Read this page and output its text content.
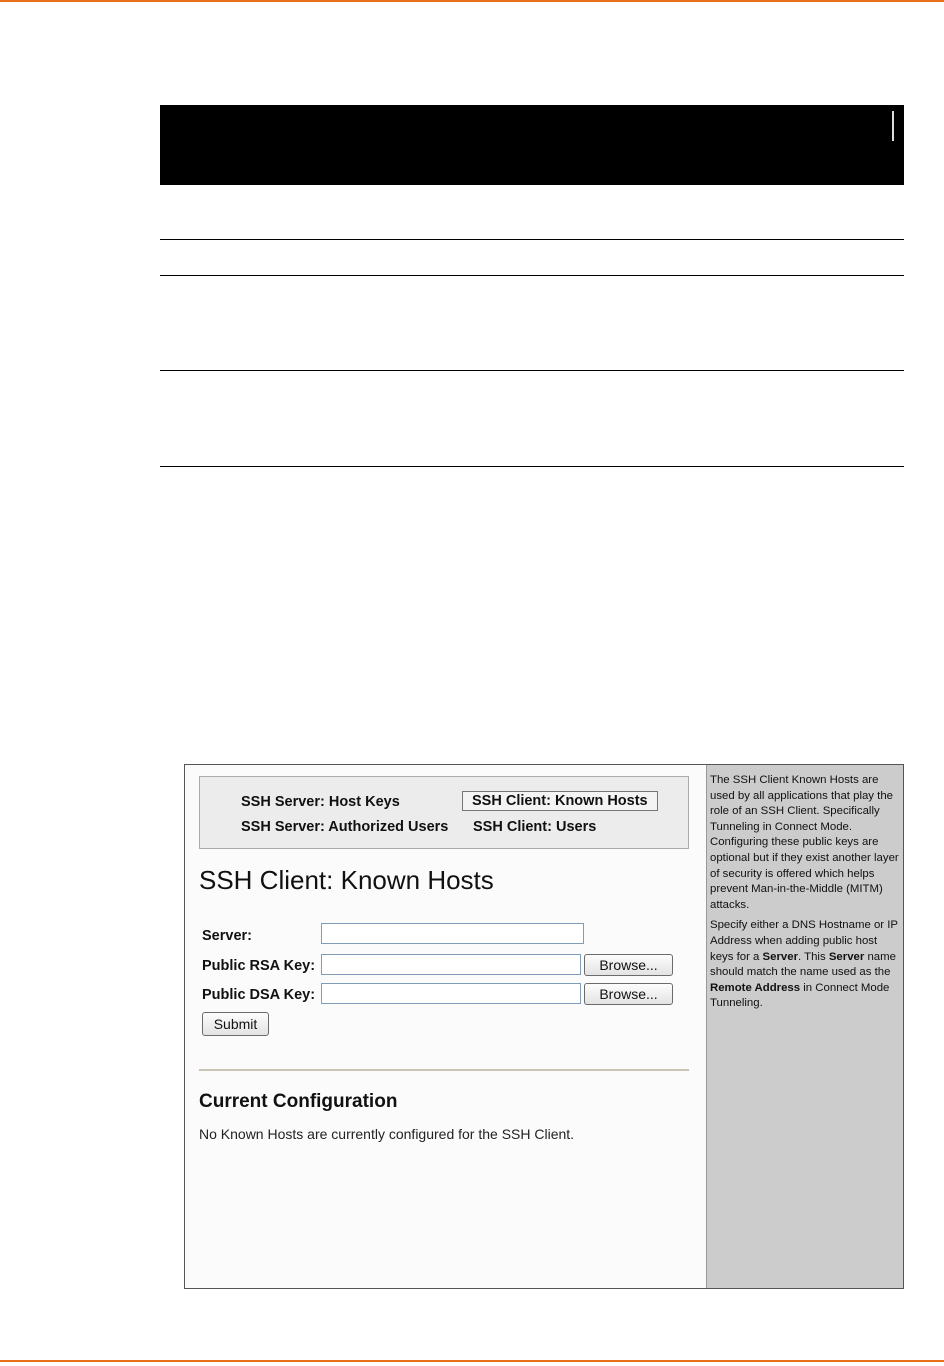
SSH Server: Host Keys	SSH Client: Known Hosts
SSH Server: Authorized Users SSH Client: Users
SSH Client: Known Hosts
Server:
Public RSA Key:	Browse...
Public DSA Key:	Browse...
Submit
Current Configuration
No Known Hosts are currently configured for the SSH Client.

The SSH Client Known Hosts are used by all applications that play the role of an SSH Client. Specifically Tunneling in Connect Mode. Configuring these public keys are optional but if they exist another layer of security is offered which helps prevent Man-in-the-Middle (MITM) attacks.

Specify either a DNS Hostname or IP Address when adding public host keys for a Server. This Server name should match the name used as the Remote Address in Connect Mode Tunneling.
